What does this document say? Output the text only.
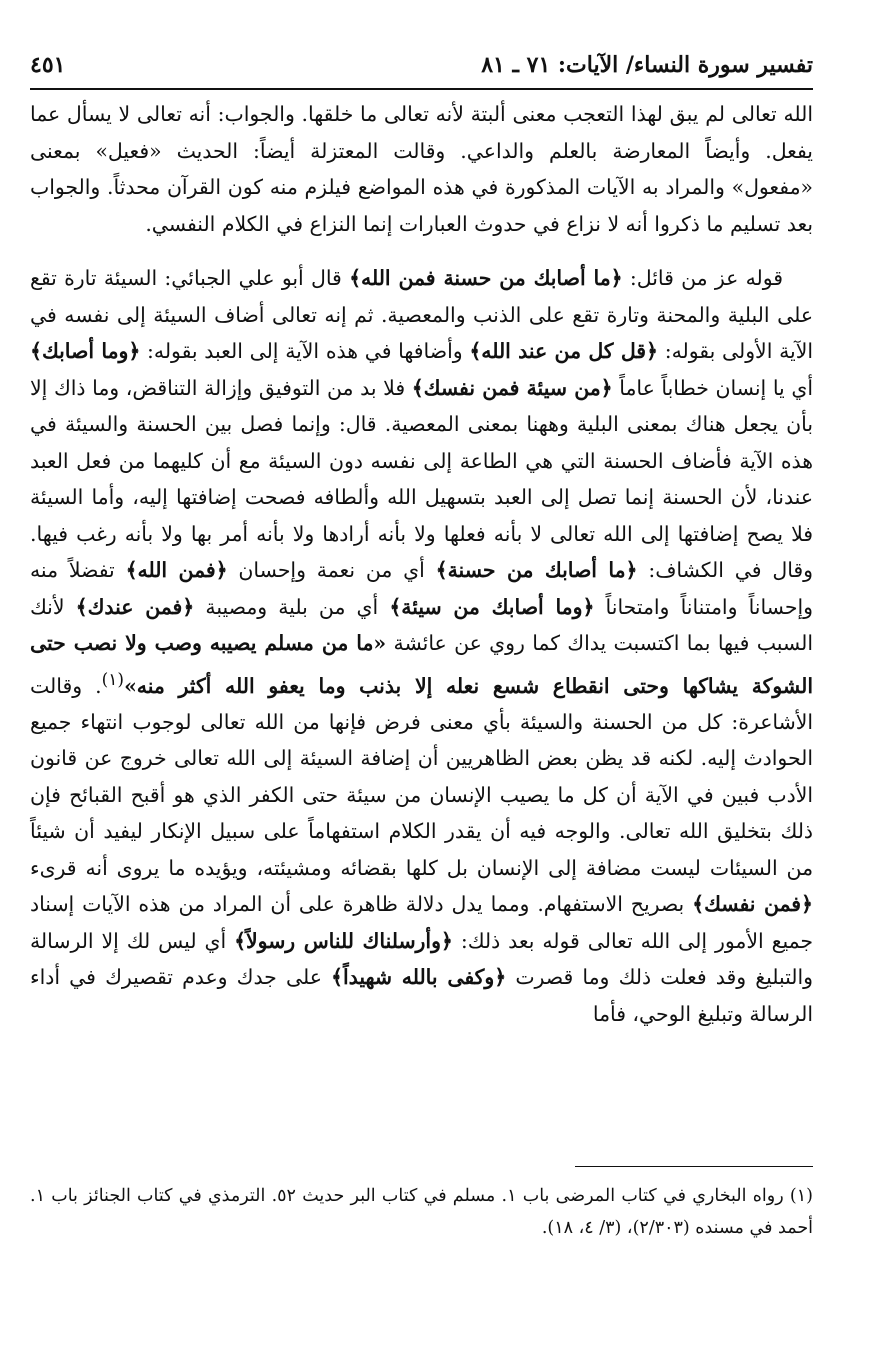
تفسير سورة النساء/ الآيات: ٧١ ـ ٨١
٤٥١

الله تعالى لم يبق لهذا التعجب معنى ألبتة لأنه تعالى ما خلقها. والجواب: أنه تعالى لا يسأل عما يفعل. وأيضاً المعارضة بالعلم والداعي. وقالت المعتزلة أيضاً: الحديث «فعيل» بمعنى «مفعول» والمراد به الآيات المذكورة في هذه المواضع فيلزم منه كون القرآن محدثاً. والجواب بعد تسليم ما ذكروا أنه لا نزاع في حدوث العبارات إنما النزاع في الكلام النفسي.

قوله عز من قائل: ﴿ما أصابك من حسنة فمن الله﴾ قال أبو علي الجبائي: السيئة تارة تقع على البلية والمحنة وتارة تقع على الذنب والمعصية. ثم إنه تعالى أضاف السيئة إلى نفسه في الآية الأولى بقوله: ﴿قل كل من عند الله﴾ وأضافها في هذه الآية إلى العبد بقوله: ﴿وما أصابك﴾ أي يا إنسان خطاباً عاماً ﴿من سيئة فمن نفسك﴾ فلا بد من التوفيق وإزالة التناقض، وما ذاك إلا بأن يجعل هناك بمعنى البلية وههنا بمعنى المعصية. قال: وإنما فصل بين الحسنة والسيئة في هذه الآية فأضاف الحسنة التي هي الطاعة إلى نفسه دون السيئة مع أن كليهما من فعل العبد عندنا، لأن الحسنة إنما تصل إلى العبد بتسهيل الله وألطافه فصحت إضافتها إليه، وأما السيئة فلا يصح إضافتها إلى الله تعالى لا بأنه فعلها ولا بأنه أرادها ولا بأنه أمر بها ولا بأنه رغب فيها. وقال في الكشاف: ﴿ما أصابك من حسنة﴾ أي من نعمة وإحسان ﴿فمن الله﴾ تفضلاً منه وإحساناً وامتناناً وامتحاناً ﴿وما أصابك من سيئة﴾ أي من بلية ومصيبة ﴿فمن عندك﴾ لأنك السبب فيها بما اكتسبت يداك كما روي عن عائشة «ما من مسلم يصيبه وصب ولا نصب حتى الشوكة يشاكها وحتى انقطاع شسع نعله إلا بذنب وما يعفو الله أكثر منه»$^{(١)}$. وقالت الأشاعرة: كل من الحسنة والسيئة بأي معنى فرض فإنها من الله تعالى لوجوب انتهاء جميع الحوادث إليه. لكنه قد يظن بعض الظاهريين أن إضافة السيئة إلى الله تعالى خروج عن قانون الأدب فبين في الآية أن كل ما يصيب الإنسان من سيئة حتى الكفر الذي هو أقبح القبائح فإن ذلك بتخليق الله تعالى. والوجه فيه أن يقدر الكلام استفهاماً على سبيل الإنكار ليفيد أن شيئاً من السيئات ليست مضافة إلى الإنسان بل كلها بقضائه ومشيئته، ويؤيده ما يروى أنه قرىء ﴿فمن نفسك﴾ بصريح الاستفهام. ومما يدل دلالة ظاهرة على أن المراد من هذه الآيات إسناد جميع الأمور إلى الله تعالى قوله بعد ذلك: ﴿وأرسلناك للناس رسولاً﴾ أي ليس لك إلا الرسالة والتبليغ وقد فعلت ذلك وما قصرت ﴿وكفى بالله شهيداً﴾ على جدك وعدم تقصيرك في أداء الرسالة وتبليغ الوحي، فأما

(١) رواه البخاري في كتاب المرضى باب ١. مسلم في كتاب البر حديث ٥٢. الترمذي في كتاب الجنائز باب ١. أحمد في مسنده (٢/٣٠٣)، (٣/ ٤، ١٨).
